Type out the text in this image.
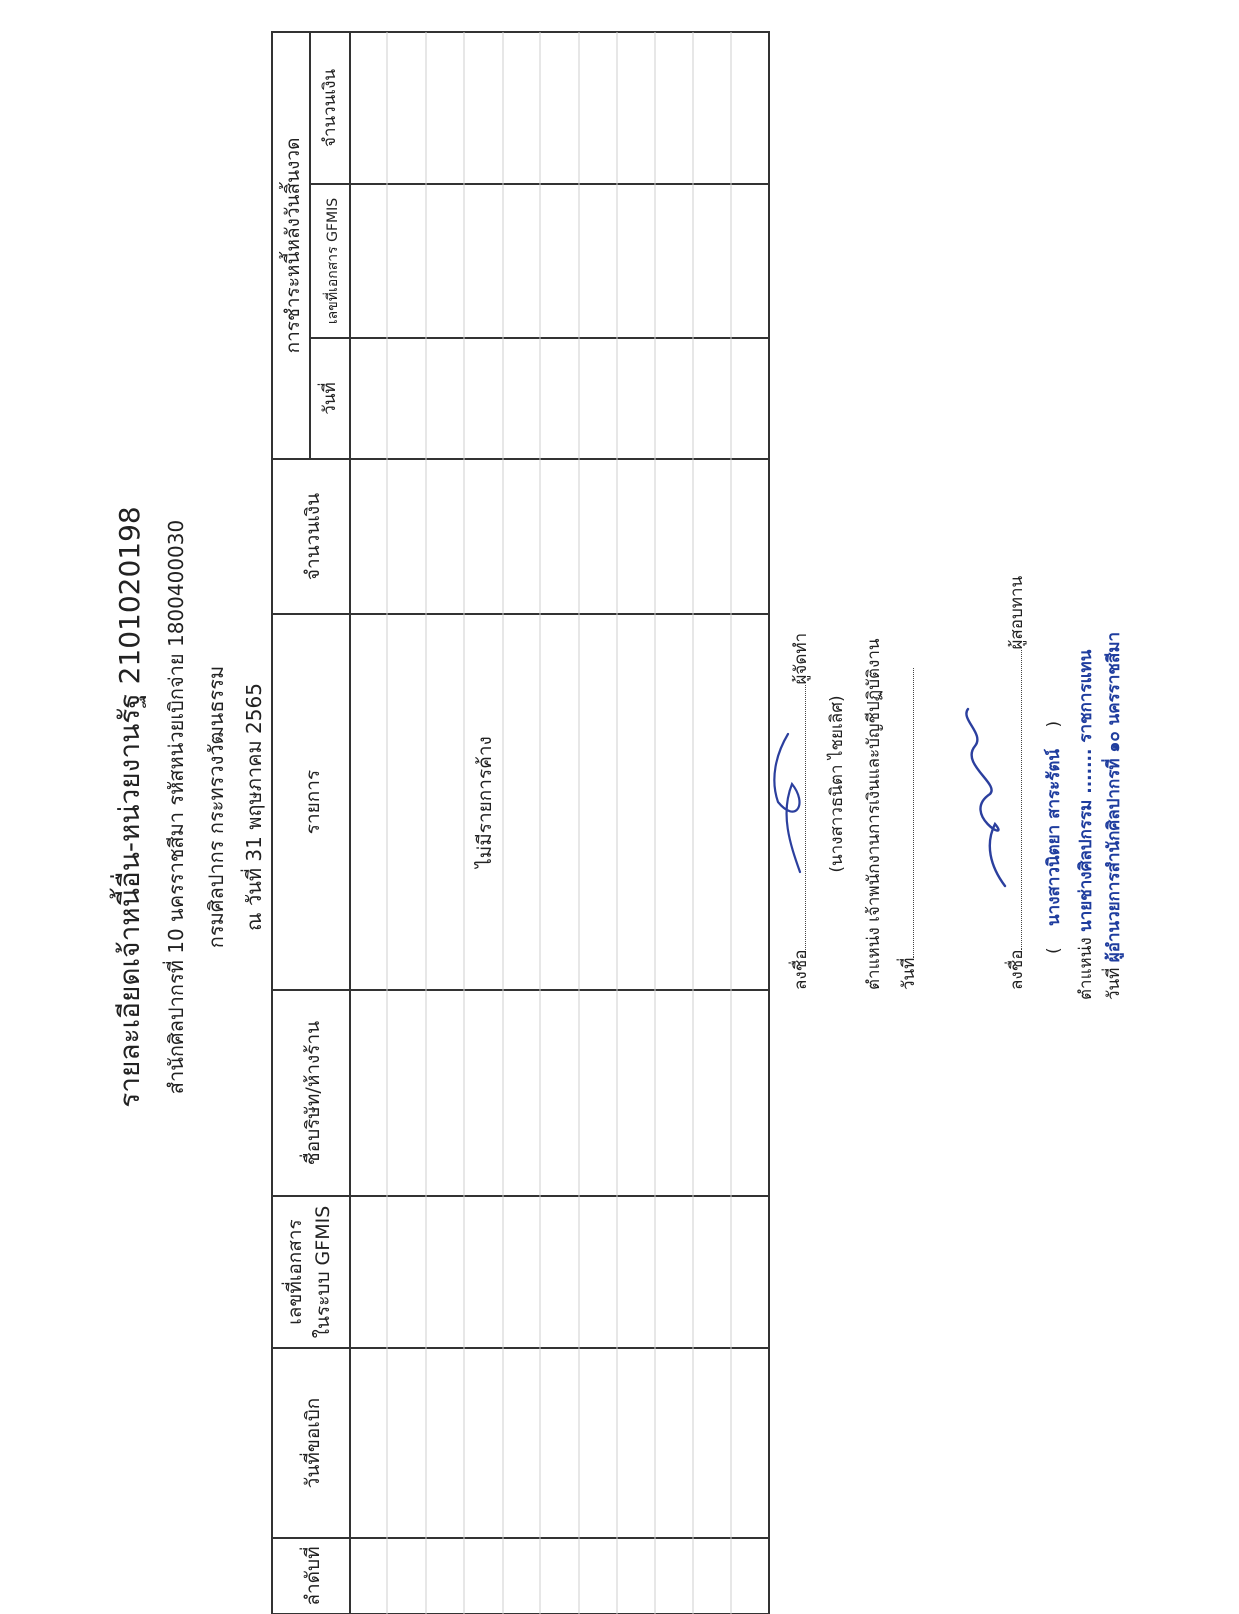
รายละเอียดเจ้าหนี้อื่น-หน่วยงานรัฐ 2101020198 สำนักศิลปากรที่ 10 นครราชสีมา รหัสหน่วยเบิกจ่าย 1800400030 กรมศิลปากร กระทรวงวัฒนธรรม ณ วันที่ 31 พฤษภาคม 2565
ลำดับที่
วันที่ขอเบิก
เลขที่เอกสาร ในระบบ GFMIS
ชื่อบริษัท/ห้างร้าน
รายการ
จำนวนเงิน
การชำระหนี้หลังวันสิ้นงวด
วันที่
เลขที่เอกสาร GFMIS
จำนวนเงิน
ไม่มีรายการค้าง
ลงชื่อผู้จัดทำ
(นางสาวธนิตา ไชยเลิศ) ตำแหน่ง เจ้าพนักงานการเงินและบัญชีปฏิบัติงาน วันที่	ลงชื่อผู้สอบทาน
( นางสาวนิตยา สาระรัตน์ )
ตำแหน่ง นายช่างศิลปกรรม ....... ราชการแทน
วันที่ ผู้อำนวยการสำนักศิลปากรที่ ๑๐ นครราชสีมา
